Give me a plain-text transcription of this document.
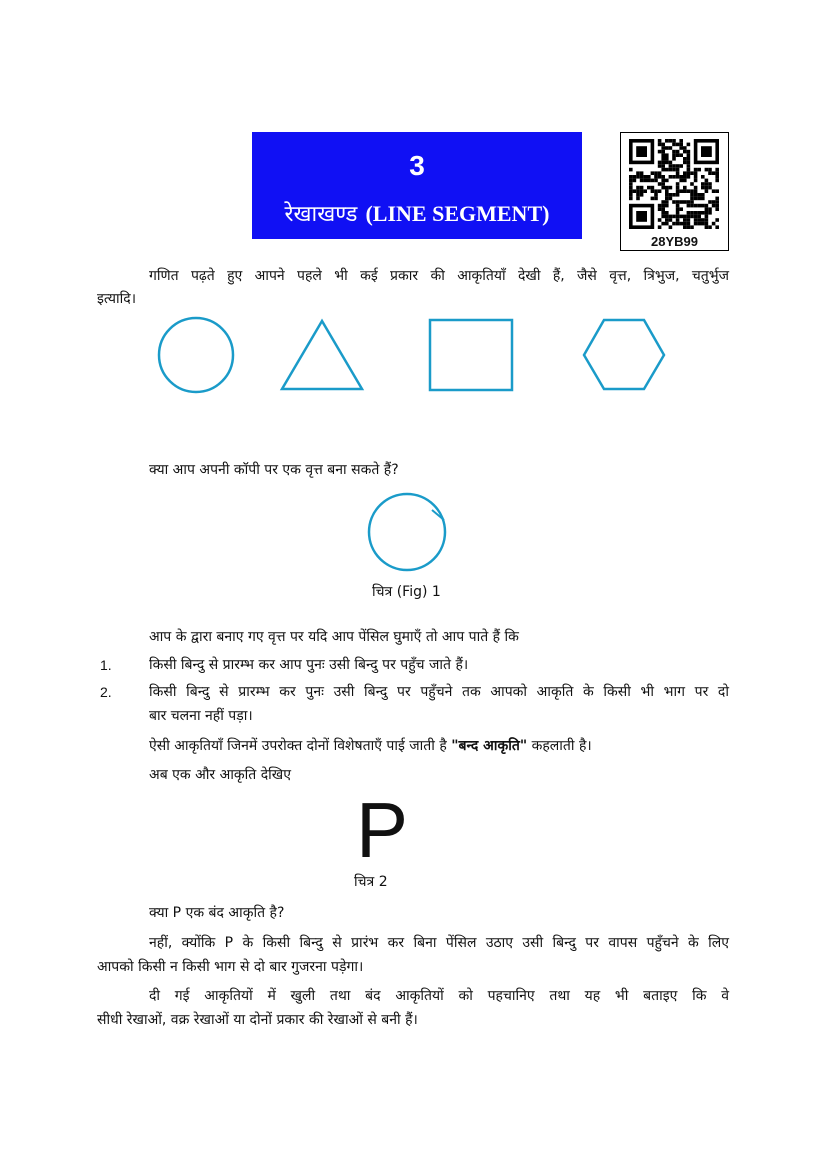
3
रेखाखण्ड (LINE SEGMENT)
28YB99
गणित पढ़ते हुए आपने पहले भी कई प्रकार की आकृतियाँ देखी हैं, जैसे वृत्त, त्रिभुज, चतुर्भुज
इत्यादि।
क्या आप अपनी कॉपी पर एक वृत्त बना सकते हैं?
चित्र (Fig) 1
आप के द्वारा बनाए गए वृत्त पर यदि आप पेंसिल घुमाएँ तो आप पाते हैं कि
1.	किसी बिन्दु से प्रारम्भ कर आप पुनः उसी बिन्दु पर पहुँच जाते हैं।
2.	किसी बिन्दु से प्रारम्भ कर पुनः उसी बिन्दु पर पहुँचने तक आपको आकृति के किसी भी भाग पर दो
बार चलना नहीं पड़ा।
ऐसी आकृतियाँ जिनमें उपरोक्त दोनों विशेषताएँ पाई जाती है "बन्द आकृति" कहलाती है।
अब एक और आकृति देखिए
P
चित्र 2
क्या P एक बंद आकृति है?
नहीं, क्योंकि P के किसी बिन्दु से प्रारंभ कर बिना पेंसिल उठाए उसी बिन्दु पर वापस पहुँचने के लिए
आपको किसी न किसी भाग से दो बार गुजरना पड़ेगा।
दी गई आकृतियों में खुली तथा बंद आकृतियों को पहचानिए तथा यह भी बताइए कि वे
सीधी रेखाओं, वक्र रेखाओं या दोनों प्रकार की रेखाओं से बनी हैं।
